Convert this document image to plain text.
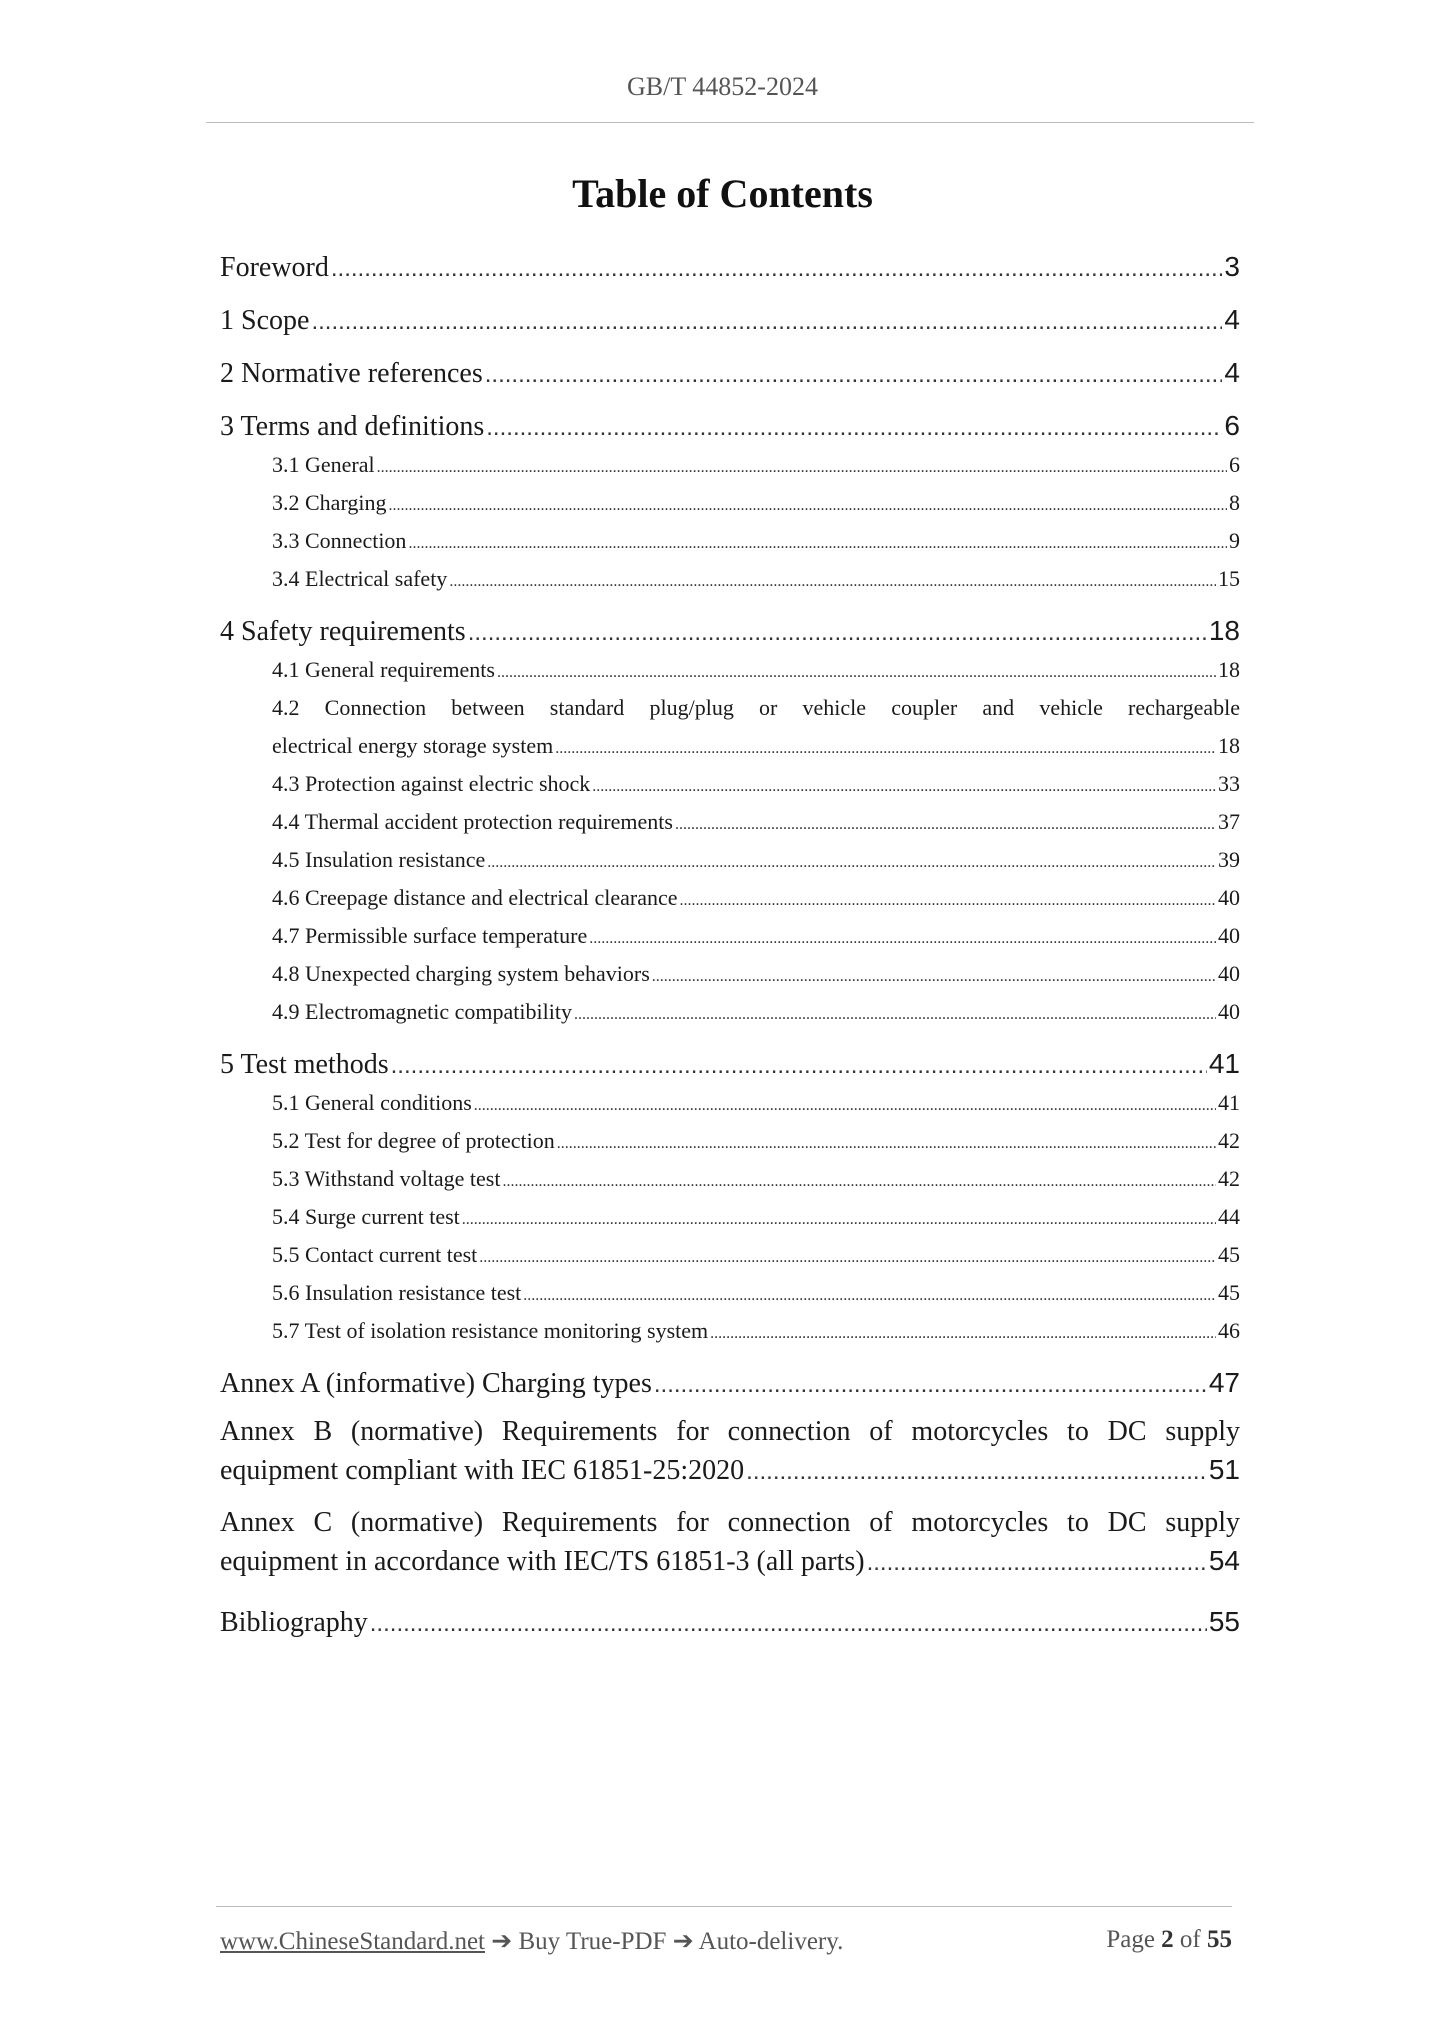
GB/T 44852-2024
Table of Contents
Foreword .....	3
1 Scope .....	4
2 Normative references .....	4
3 Terms and definitions .....	6
3.1 General .....	6
3.2 Charging .....	8
3.3 Connection .....	9
3.4 Electrical safety .....	15
4 Safety requirements .....	18
4.1 General requirements .....	18
4.2 Connection between standard plug/plug or vehicle coupler and vehicle rechargeable
electrical energy storage system .....	18
4.3 Protection against electric shock .....	33
4.4 Thermal accident protection requirements .....	37
4.5 Insulation resistance .....	39
4.6 Creepage distance and electrical clearance .....	40
4.7 Permissible surface temperature .....	40
4.8 Unexpected charging system behaviors .....	40
4.9 Electromagnetic compatibility .....	40
5 Test methods .....	41
5.1 General conditions .....	41
5.2 Test for degree of protection .....	42
5.3 Withstand voltage test .....	42
5.4 Surge current test .....	44
5.5 Contact current test .....	45
5.6 Insulation resistance test .....	45
5.7 Test of isolation resistance monitoring system .....	46
Annex A (informative) Charging types .....	47
Annex B (normative) Requirements for connection of motorcycles to DC supply
equipment compliant with IEC 61851-25:2020 .....	51
Annex C (normative) Requirements for connection of motorcycles to DC supply
equipment in accordance with IEC/TS 61851-3 (all parts) .....	54
Bibliography .....	55
www.ChineseStandard.net ➔ Buy True-PDF ➔ Auto-delivery.	Page 2 of 55
